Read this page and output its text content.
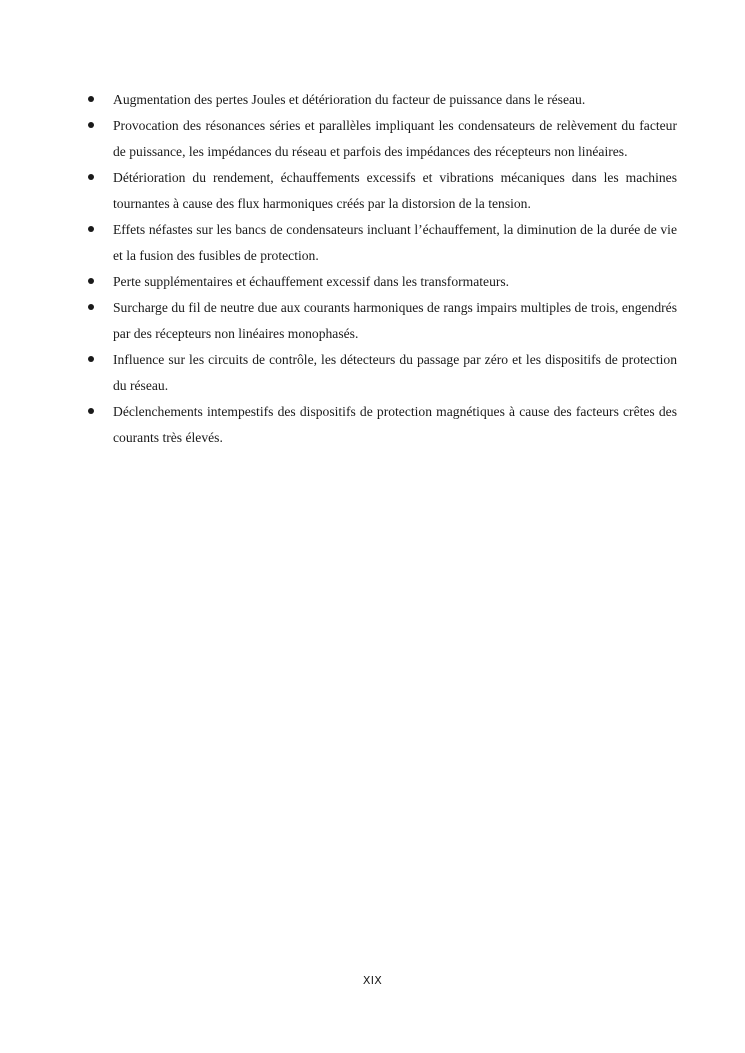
Augmentation des pertes Joules et détérioration du facteur de puissance dans le réseau.
Provocation des résonances séries et parallèles impliquant les condensateurs de relèvement du facteur de puissance, les impédances du réseau et parfois des impédances des récepteurs non linéaires.
Détérioration du rendement, échauffements excessifs et vibrations mécaniques dans les machines tournantes à cause des flux harmoniques créés par la distorsion de la tension.
Effets néfastes sur les bancs de condensateurs incluant l’échauffement, la diminution de la durée de vie et la fusion des fusibles de protection.
Perte supplémentaires et échauffement excessif dans les transformateurs.
Surcharge du fil de neutre due aux courants harmoniques de rangs impairs multiples de trois, engendrés par des récepteurs non linéaires monophasés.
Influence sur les circuits de contrôle, les détecteurs du passage par zéro et les dispositifs de protection du réseau.
Déclenchements intempestifs des dispositifs de protection magnétiques à cause des facteurs crêtes des courants très élevés.
XIX
